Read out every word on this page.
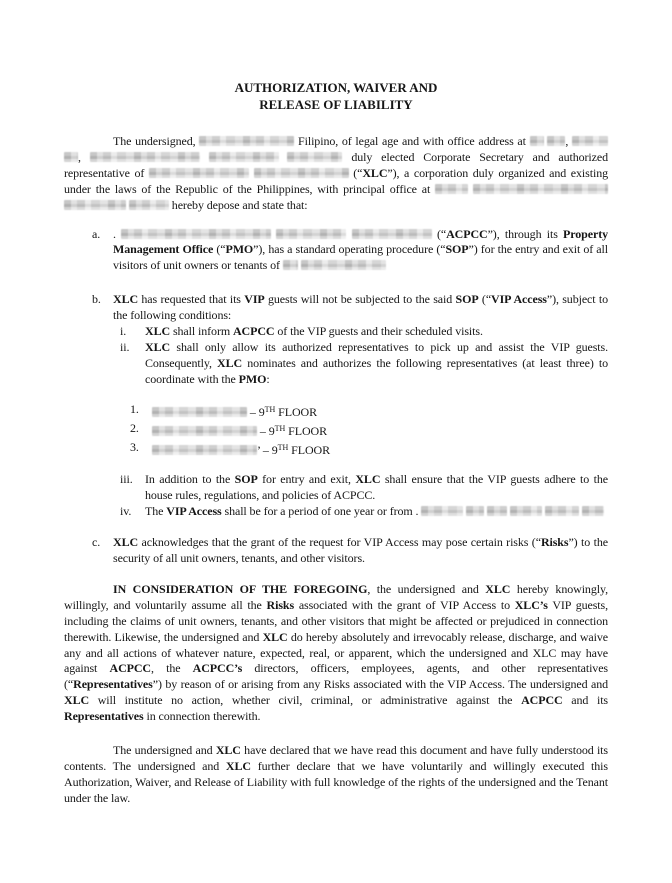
AUTHORIZATION, WAIVER AND
RELEASE OF LIABILITY
The undersigned,	Filipino, of legal age and with office address at	,  ,	duly elected Corporate Secretary and authorized representative of	(“XLC”), a corporation duly organized and existing under the laws of the Republic of the Philippines, with principal office at     hereby depose and state that:
a. .	(“ACPCC”), through its Property Management Office (“PMO”), has a standard operating procedure (“SOP”) for the entry and exit of all visitors of unit owners or tenants of
b. XLC has requested that its VIP guests will not be subjected to the said SOP (“VIP Access”), subject to the following conditions:
i. XLC shall inform ACPCC of the VIP guests and their scheduled visits.
ii. XLC shall only allow its authorized representatives to pick up and assist the VIP guests. Consequently, XLC nominates and authorizes the following representatives (at least three) to coordinate with the PMO:
1.	– 9TH FLOOR
2.	– 9TH FLOOR
3.	’ – 9TH FLOOR
iii. In addition to the SOP for entry and exit, XLC shall ensure that the VIP guests adhere to the house rules, regulations, and policies of ACPCC.
iv. The VIP Access shall be for a period of one year or from .
c. XLC acknowledges that the grant of the request for VIP Access may pose certain risks (“Risks”) to the security of all unit owners, tenants, and other visitors.
IN CONSIDERATION OF THE FOREGOING, the undersigned and XLC hereby knowingly, willingly, and voluntarily assume all the Risks associated with the grant of VIP Access to XLC’s VIP guests, including the claims of unit owners, tenants, and other visitors that might be affected or prejudiced in connection therewith. Likewise, the undersigned and XLC do hereby absolutely and irrevocably release, discharge, and waive any and all actions of whatever nature, expected, real, or apparent, which the undersigned and XLC may have against ACPCC, the ACPCC’s directors, officers, employees, agents, and other representatives (“Representatives”) by reason of or arising from any Risks associated with the VIP Access. The undersigned and XLC will institute no action, whether civil, criminal, or administrative against the ACPCC and its Representatives in connection therewith.
The undersigned and XLC have declared that we have read this document and have fully understood its contents. The undersigned and XLC further declare that we have voluntarily and willingly executed this Authorization, Waiver, and Release of Liability with full knowledge of the rights of the undersigned and the Tenant under the law.
